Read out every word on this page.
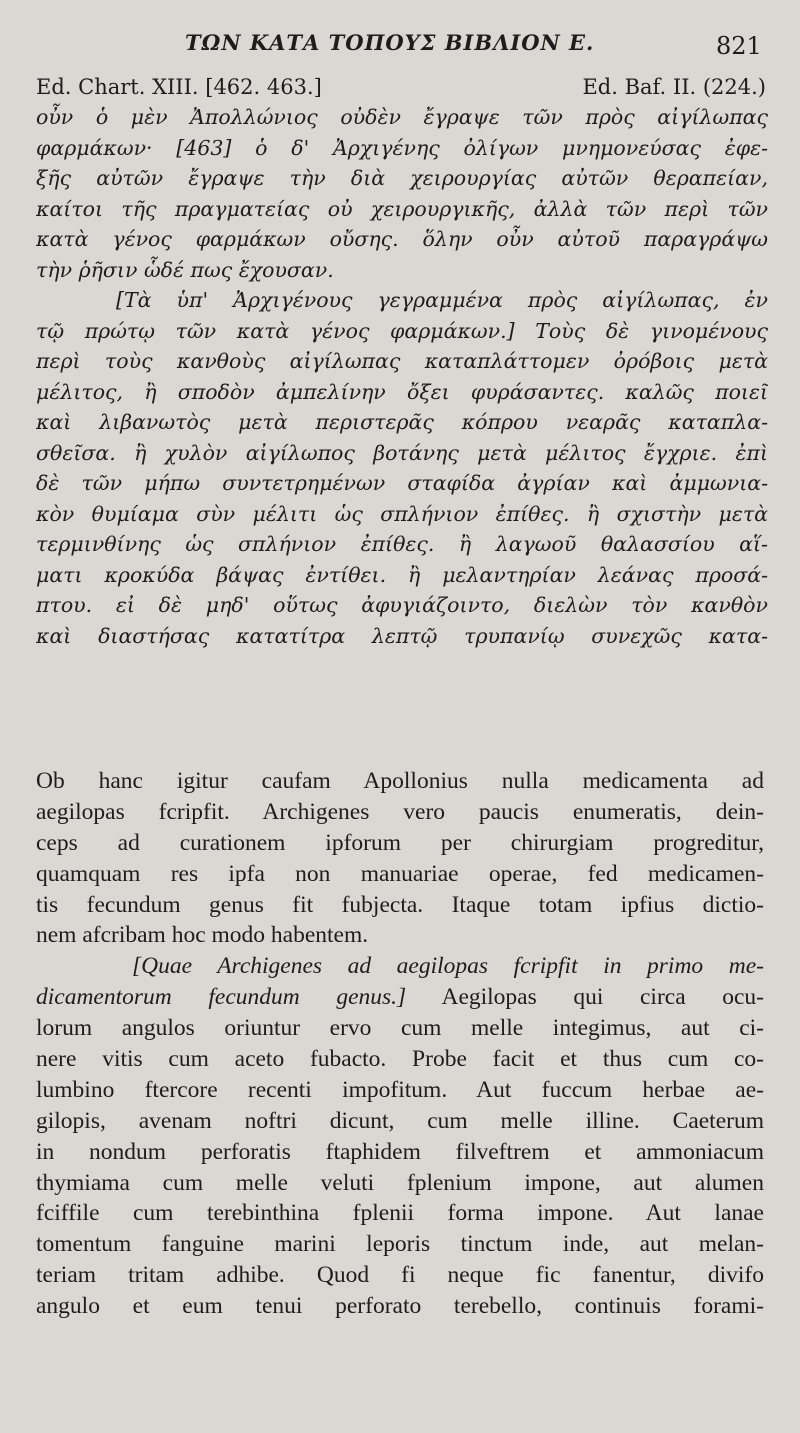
ΤΩΝ ΚΑΤΑ ΤΟΠΟΥΣ ΒΙΒΛΙΟΝ Ε.	821
Ed. Chart. XIII. [462. 463.]	Ed. Baf. II. (224.)
οὖν ὁ μὲν Ἀπολλώνιος οὐδὲν ἔγραψε τῶν πρὸς αἰγίλωπας
φαρμάκων· [463] ὁ δ' Ἀρχιγένης ὀλίγων μνημονεύσας ἐφε-
ξῆς αὐτῶν ἔγραψε τὴν διὰ χειρουργίας αὐτῶν θεραπείαν,
καίτοι τῆς πραγματείας οὐ χειρουργικῆς, ἀλλὰ τῶν περὶ τῶν
κατὰ γένος φαρμάκων οὔσης. ὅλην οὖν αὐτοῦ παραγράψω
τὴν ῥῆσιν ὧδέ πως ἔχουσαν.
[Τὰ ὑπ' Ἀρχιγένους γεγραμμένα πρὸς αἰγίλωπας, ἐν
τῷ πρώτῳ τῶν κατὰ γένος φαρμάκων.] Τοὺς δὲ γινομένους
περὶ τοὺς κανθοὺς αἰγίλωπας καταπλάττομεν ὀρόβοις μετὰ
μέλιτος, ἢ σποδὸν ἀμπελίνην ὄξει φυράσαντες. καλῶς ποιεῖ
καὶ λιβανωτὸς μετὰ περιστερᾶς κόπρου νεαρᾶς καταπλα-
σθεῖσα. ἢ χυλὸν αἰγίλωπος βοτάνης μετὰ μέλιτος ἔγχριε. ἐπὶ
δὲ τῶν μήπω συντετρημένων σταφίδα ἀγρίαν καὶ ἀμμωνια-
κὸν θυμίαμα σὺν μέλιτι ὡς σπλήνιον ἐπίθες. ἢ σχιστὴν μετὰ
τερμινθίνης ὡς σπλήνιον ἐπίθες. ἢ λαγωοῦ θαλασσίου αἵ-
ματι κροκύδα βάψας ἐντίθει. ἢ μελαντηρίαν λεάνας προσά-
πτου. εἰ δὲ μηδ' οὕτως ἀφυγιάζοιντο, διελὼν τὸν κανθὸν
καὶ διαστήσας κατατίτρα λεπτῷ τρυπανίῳ συνεχῶς κατα-
Ob hanc igitur caufam Apollonius nulla medicamenta ad
aegilopas fcripfit. Archigenes vero paucis enumeratis, dein-
ceps ad curationem ipforum per chirurgiam progreditur,
quamquam res ipfa non manuariae operae, fed medicamen-
tis fecundum genus fit fubjecta. Itaque totam ipfius dictio-
nem afcribam hoc modo habentem.
[Quae Archigenes ad aegilopas fcripfit in primo me-
dicamentorum fecundum genus.] Aegilopas qui circa ocu-
lorum angulos oriuntur ervo cum melle integimus, aut ci-
nere vitis cum aceto fubacto. Probe facit et thus cum co-
lumbino ftercore recenti impofitum. Aut fuccum herbae ae-
gilopis, avenam noftri dicunt, cum melle illine. Caeterum
in nondum perforatis ftaphidem filveftrem et ammoniacum
thymiama cum melle veluti fplenium impone, aut alumen
fciffile cum terebinthina fplenii forma impone. Aut lanae
tomentum fanguine marini leporis tinctum inde, aut melan-
teriam tritam adhibe. Quod fi neque fic fanentur, divifo
angulo et eum tenui perforato terebello, continuis forami-
